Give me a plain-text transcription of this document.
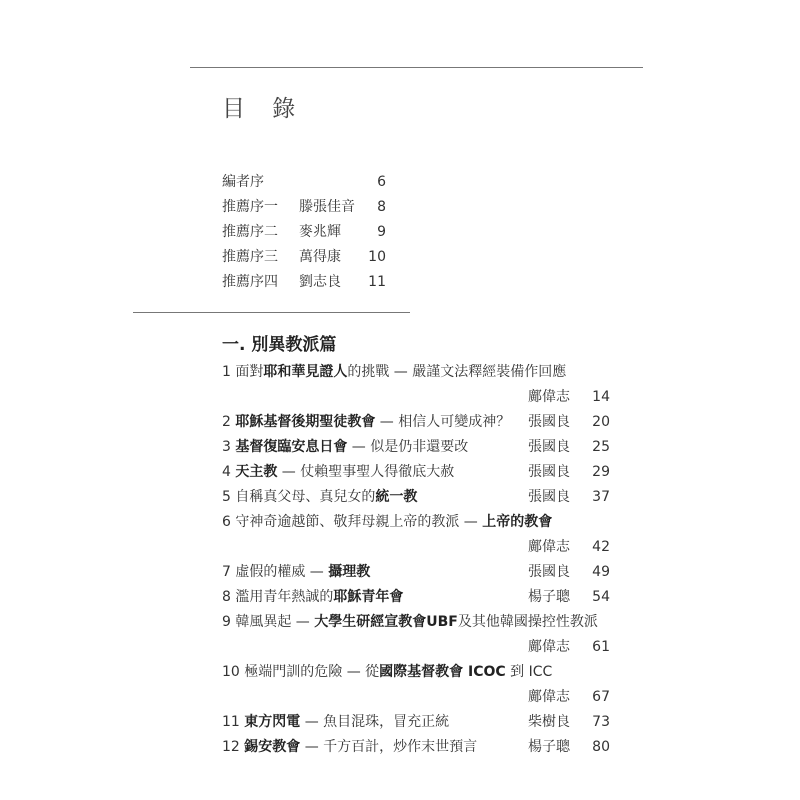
目 錄
編者序	6
推薦序一 滕張佳音 8
推薦序二 麥兆輝	9
推薦序三 萬得康 10
推薦序四 劉志良 11
一. 別異教派篇
1 面對耶和華見證人的挑戰 — 嚴謹文法釋經裝備作回應
鄺偉志 14
2 耶穌基督後期聖徒教會 — 相信人可變成神？ 張國良 20
3 基督復臨安息日會 — 似是仍非還要改	張國良 25
4 天主教 — 仗賴聖事聖人得徹底大赦	張國良 29
5 自稱真父母、真兒女的統一教	張國良 37
6 守神奇逾越節、敬拜母親上帝的教派 — 上帝的教會
鄺偉志 42
7 虛假的權威 — 攝理教	張國良 49
8 濫用青年熱誠的耶穌青年會	楊子聰 54
9 韓風異起 — 大學生研經宣教會UBF及其他韓國操控性教派
鄺偉志 61
10 極端門訓的危險 — 從國際基督教會 ICOC 到 ICC
鄺偉志 67
11 東方閃電 — 魚目混珠，冒充正統	柴樹良 73
12 錫安教會 — 千方百計，炒作末世預言	楊子聰 80
